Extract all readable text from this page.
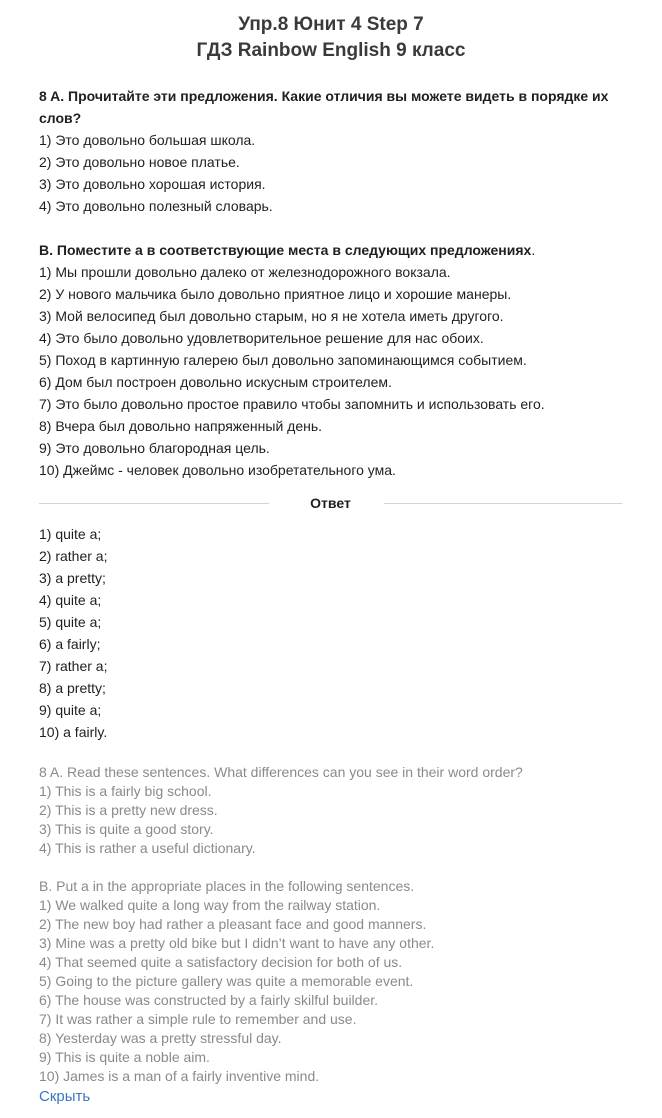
Упр.8 Юнит 4 Step 7
ГДЗ Rainbow English 9 класс
8 A. Прочитайте эти предложения. Какие отличия вы можете видеть в порядке их слов?
1) Это довольно большая школа.
2) Это довольно новое платье.
3) Это довольно хорошая история.
4) Это довольно полезный словарь.
В. Поместите a в соответствующие места в следующих предложениях.
1) Мы прошли довольно далеко от железнодорожного вокзала.
2) У нового мальчика было довольно приятное лицо и хорошие манеры.
3) Мой велосипед был довольно старым, но я не хотела иметь другого.
4) Это было довольно удовлетворительное решение для нас обоих.
5) Поход в картинную галерею был довольно запоминающимся событием.
6) Дом был построен довольно искусным строителем.
7) Это было довольно простое правило чтобы запомнить и использовать его.
8) Вчера был довольно напряженный день.
9) Это довольно благородная цель.
10) Джеймс - человек довольно изобретательного ума.
Ответ
1) quite a;
2) rather a;
3) a pretty;
4) quite a;
5) quite a;
6) a fairly;
7) rather a;
8) a pretty;
9) quite a;
10) a fairly.
8 A. Read these sentences. What differences can you see in their word order?
1) This is a fairly big school.
2) This is a pretty new dress.
3) This is quite a good story.
4) This is rather a useful dictionary.
B. Put a in the appropriate places in the following sentences.
1) We walked quite a long way from the railway station.
2) The new boy had rather a pleasant face and good manners.
3) Mine was a pretty old bike but I didn’t want to have any other.
4) That seemed quite a satisfactory decision for both of us.
5) Going to the picture gallery was quite a memorable event.
6) The house was constructed by a fairly skilful builder.
7) It was rather a simple rule to remember and use.
8) Yesterday was a pretty stressful day.
9) This is quite a noble aim.
10) James is a man of a fairly inventive mind.
Скрыть
